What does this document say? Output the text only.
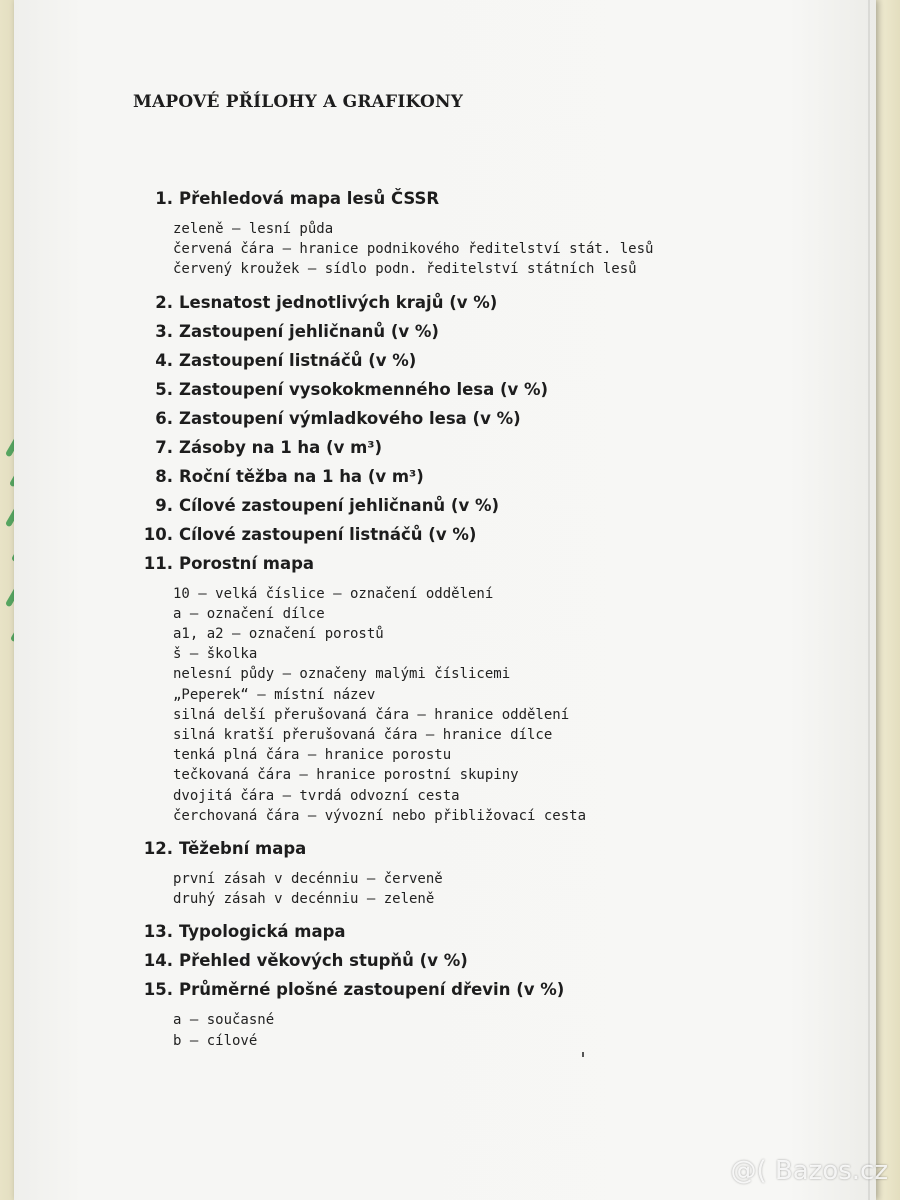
MAPOVÉ PŘÍLOHY A GRAFIKONY
1. Přehledová mapa lesů ČSSR
zeleně — lesní půda
červená čára — hranice podnikového ředitelství stát. lesů
červený kroužek — sídlo podn. ředitelství státních lesů
2. Lesnatost jednotlivých krajů (v %)
3. Zastoupení jehličnanů (v %)
4. Zastoupení listnáčů (v %)
5. Zastoupení vysokokmenného lesa (v %)
6. Zastoupení výmladkového lesa (v %)
7. Zásoby na 1 ha (v m³)
8. Roční těžba na 1 ha (v m³)
9. Cílové zastoupení jehličnanů (v %)
10. Cílové zastoupení listnáčů (v %)
11. Porostní mapa
10 — velká číslice — označení oddělení
a — označení dílce
a1, a2 — označení porostů
š — školka
nelesní půdy — označeny malými číslicemi
„Peperek“ — místní název
silná delší přerušovaná čára — hranice oddělení
silná kratší přerušovaná čára — hranice dílce
tenká plná čára — hranice porostu
tečkovaná čára — hranice porostní skupiny
dvojitá čára — tvrdá odvozní cesta
čerchovaná čára — vývozní nebo přibližovací cesta
12. Těžební mapa
první zásah v decénniu — červeně
druhý zásah v decénniu — zeleně
13. Typologická mapa
14. Přehled věkových stupňů (v %)
15. Průměrné plošné zastoupení dřevin (v %)
a — současné
b — cílové
@( Bazos.cz
